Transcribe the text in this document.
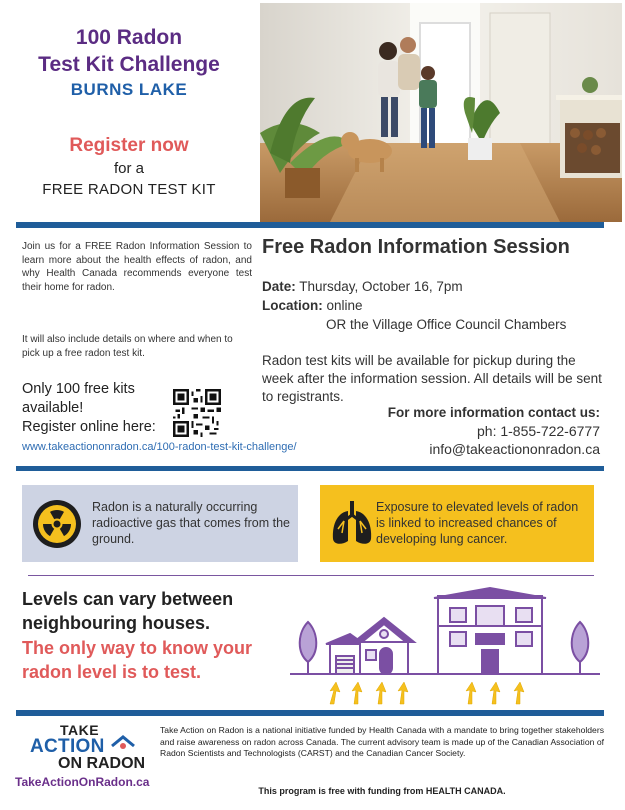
100 Radon
Test Kit Challenge
BURNS LAKE
Register now
for a
FREE RADON TEST KIT
Join us for a FREE Radon Information Session to learn more about the health effects of radon, and why Health Canada recommends everyone test their home for radon.
It will also include details on where and when to pick up a free radon test kit.
Only 100 free kits
available!
Register online here:
www.takeactiononradon.ca/100-radon-test-kit-challenge/
Free Radon Information Session
Date: Thursday, October 16, 7pm
Location: online
OR the Village Office Council Chambers
Radon test kits will be available for pickup during the week after the information session. All details will be sent to registrants.
For more information contact us:
ph: 1-855-722-6777
info@takeactiononradon.ca
Radon is a naturally occurring radioactive gas that comes from the ground.
Exposure to elevated levels of radon is linked to increased chances of developing lung cancer.
Levels can vary between neighbouring houses.
The only way to know your radon level is to test.
TAKE
ACTION
ON RADON
TakeActionOnRadon.ca
Take Action on Radon is a national initiative funded by Health Canada with a mandate to bring together stakeholders and raise awareness on radon across Canada. The current advisory team is made up of the Canadian Association of Radon Scientists and Technologists (CARST) and the Canadian Cancer Society.
This program is free with funding from HEALTH CANADA.
